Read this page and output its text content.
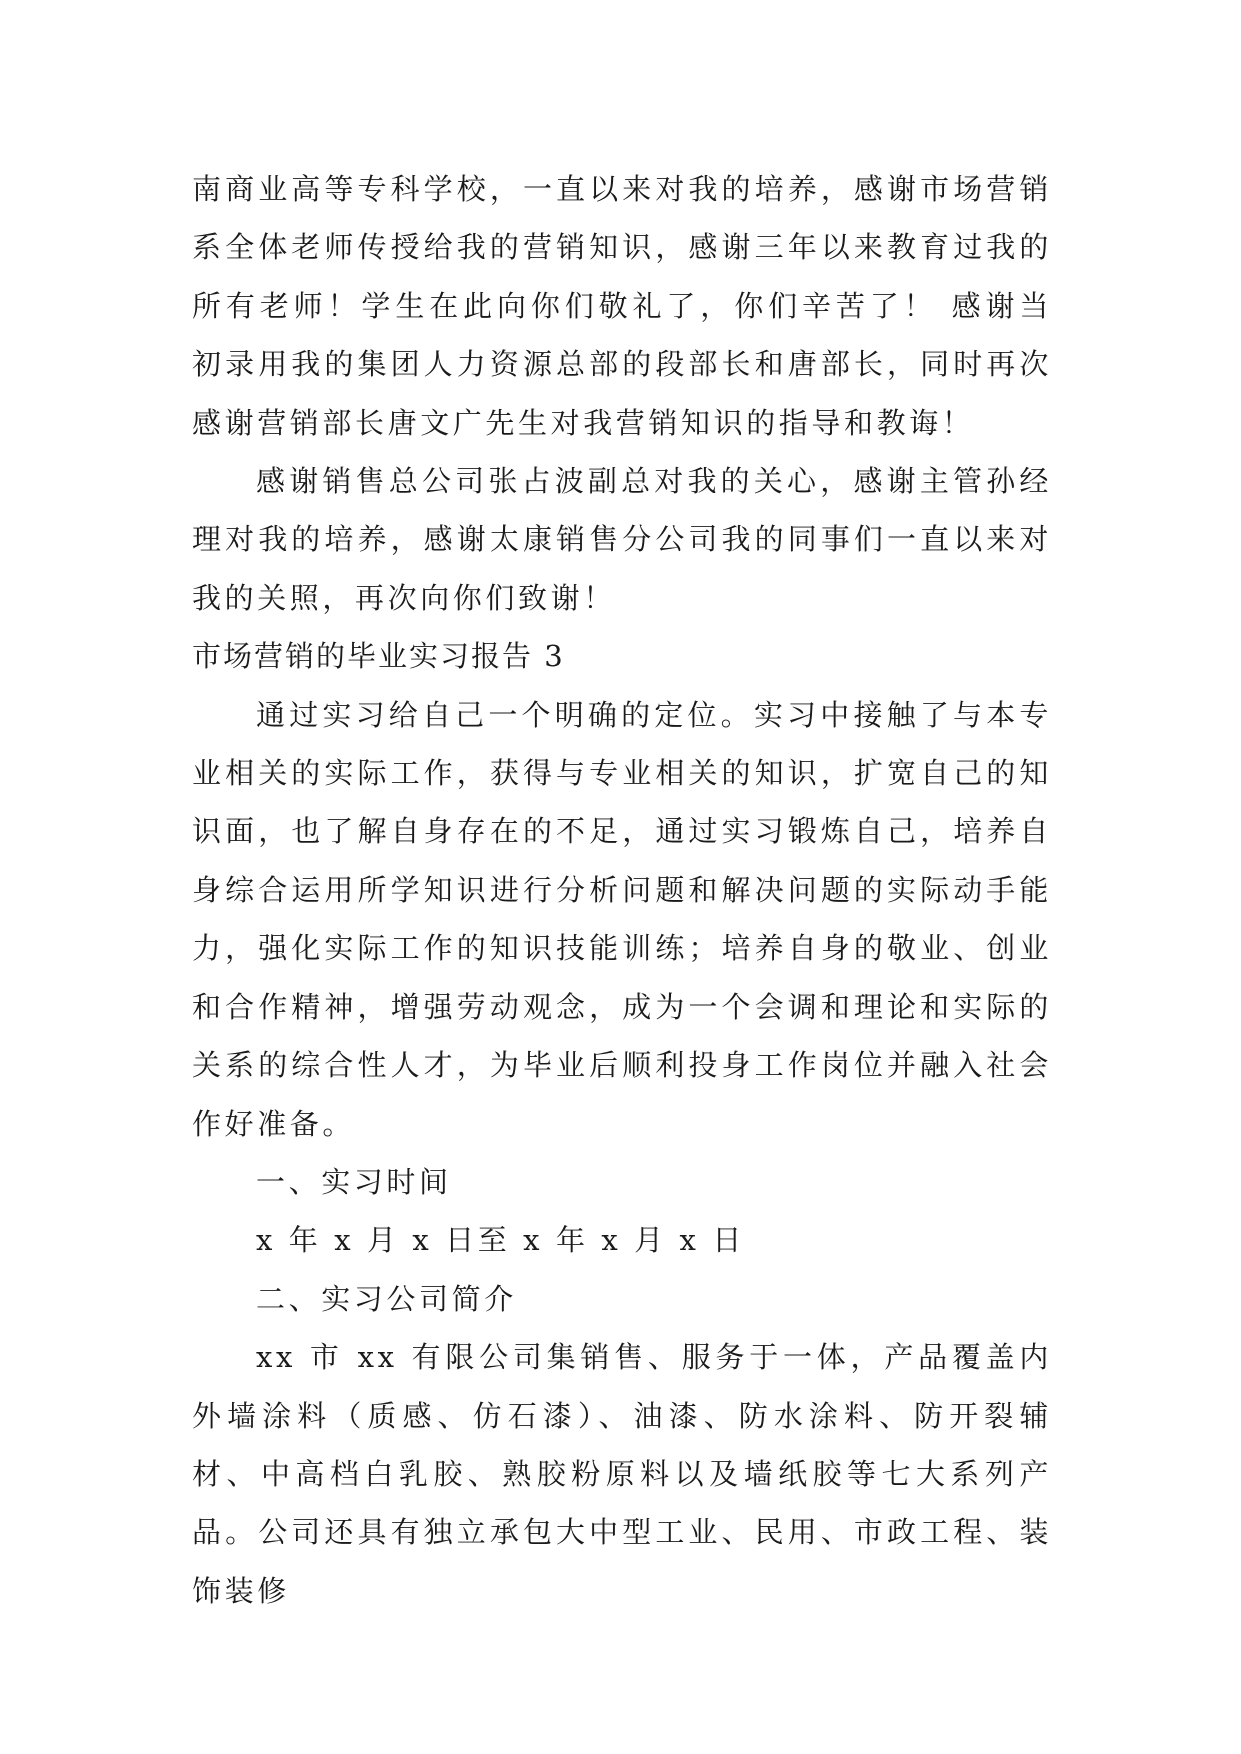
南商业高等专科学校，一直以来对我的培养，感谢市场营销系全体老师传授给我的营销知识，感谢三年以来教育过我的所有老师！学生在此向你们敬礼了，你们辛苦了！ 感谢当初录用我的集团人力资源总部的段部长和唐部长，同时再次感谢营销部长唐文广先生对我营销知识的指导和教诲！

感谢销售总公司张占波副总对我的关心，感谢主管孙经理对我的培养，感谢太康销售分公司我的同事们一直以来对我的关照，再次向你们致谢！

市场营销的毕业实习报告 3

通过实习给自己一个明确的定位。实习中接触了与本专业相关的实际工作，获得与专业相关的知识，扩宽自己的知识面，也了解自身存在的不足，通过实习锻炼自己，培养自身综合运用所学知识进行分析问题和解决问题的实际动手能力，强化实际工作的知识技能训练；培养自身的敬业、创业和合作精神，增强劳动观念，成为一个会调和理论和实际的关系的综合性人才，为毕业后顺利投身工作岗位并融入社会作好准备。

一、实习时间

x 年 x 月 x 日至 x 年 x 月 x 日

二、实习公司简介

xx 市 xx 有限公司集销售、服务于一体，产品覆盖内外墙涂料（质感、仿石漆）、油漆、防水涂料、防开裂辅材、中高档白乳胶、熟胶粉原料以及墙纸胶等七大系列产品。公司还具有独立承包大中型工业、民用、市政工程、装饰装修
